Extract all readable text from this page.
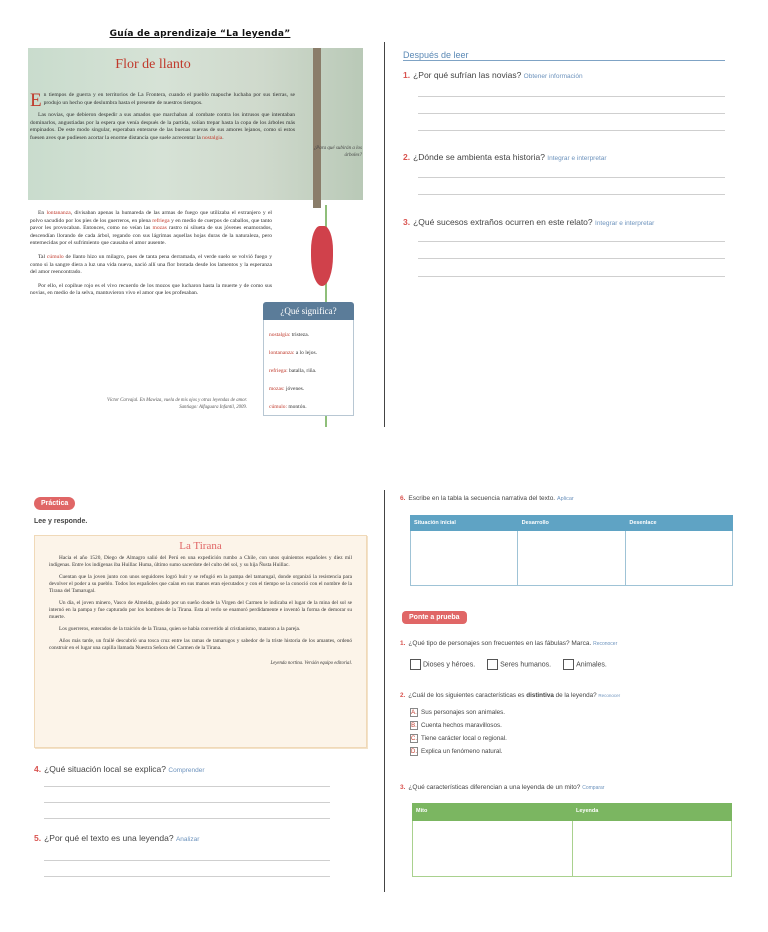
Guía de aprendizaje “La leyenda”
Flor de llanto

En tiempos de guerra y en territorios de La Frontera, cuando el pueblo mapuche luchaba por sus tierras, se produjo un hecho que deslumbra hasta el presente de nuestros tiempos.

Las novias, que debieron despedir a sus amados que marchaban al combate contra los intrusos que intentaban dominarlos, angustiadas por la espera que venía después de la partida, solían trepar hasta la copa de los árboles más empinados. De este modo singular, esperaban enterarse de las buenas nuevas de sus amores lejanos, como si estos fuesen aves que pudiesen acortar la enorme distancia que suele acrecentar la nostalgia.

¿Para qué subirán a los árboles?

En lontananza, divisaban apenas la humareda de las armas de fuego que utilizaba el extranjero y el polvo sacudido por los pies de los guerreros, en plena refriega y en medio de cuerpos de caballos, que tanto pavor les provocaban. Entonces, como no veían las mozas rastro ni silueta de sus jóvenes enamorados, descendían llorando de cada árbol, regando con sus lágrimas aquellas hojas duras de la naturaleza, pero enternecidas por el sufrimiento que causaba el amor ausente.

Tal cúmulo de llanto hizo un milagro, pues de tanta pena derramada, el verde suelo se volvió fuego y como si la sangre diera a luz una vida nueva, nació allí una flor brotada desde los lamentos y la esperanza del amor reencontrado.

Por ello, el copihue rojo es el vivo recuerdo de los mozos que lucharon hasta la muerte y de como sus novias, en medio de la selva, mantuvieron vivo el amor que les profesaban.

Víctor Carvajal. En Mawiza, vuela de mis ojos y otras leyendas de amor.
Santiago: Alfaguara Infantil, 2009.
¿Qué significa?
nostalgia: tristeza.
lontananza: a lo lejos.
refriega: batalla, riña.
mozas: jóvenes.
cúmulo: montón.
Después de leer
1. ¿Por qué sufrían las novias? Obtener información
2. ¿Dónde se ambienta esta historia? Integrar e interpretar
3. ¿Qué sucesos extraños ocurren en este relato? Integrar e interpretar
Práctica
Lee y responde.
La Tirana

Hacia el año 1520, Diego de Almagro salió del Perú en una expedición rumbo a Chile, con unos quinientos españoles y diez mil indígenas. Entre los indígenas iba Huillac Huma, último sumo sacerdote del culto del sol, y su hija Ñusta Huillac.

Cuentan que la joven junto con unos seguidores logró huir y se refugió en la pampa del tamarugal, donde organizó la resistencia para devolver el poder a su pueblo. Todos los españoles que caían en sus manos eran ejecutados y con el tiempo se la conoció con el nombre de la Tirana del Tamarugal.

Un día, el joven minero, Vasco de Almeida, guiado por un sueño donde la Virgen del Carmen le indicaba el lugar de la mina del sol se internó en la pampa y fue capturado por los hombres de la Tirana. Esta al verlo se enamoró perdidamente e inventó la forma de demorar su muerte.

Los guerreros, enterados de la traición de la Tirana, quien se había convertido al cristianismo, mataron a la pareja.

Años más tarde, un frailé descubrió una tosca cruz entre las ramas de tamarugos y sabedor de la triste historia de los amantes, ordenó construir en el lugar una capilla llamada Nuestra Señora del Carmen de la Tirana.

Leyenda nortina. Versión equipo editorial.

4. ¿Qué situación local se explica? Comprender
5. ¿Por qué el texto es una leyenda? Analizar
6. Escribe en la tabla la secuencia narrativa del texto. Aplicar
Situación inicial	Desarrollo	Desenlace
Ponte a prueba
1. ¿Qué tipo de personajes son frecuentes en las fábulas? Marca. Reconocer
Dioses y héroes.	Seres humanos.	Animales.
2. ¿Cuál de los siguientes características es distintiva de la leyenda? Reconocer
A. Sus personajes son animales.
B. Cuenta hechos maravillosos.
C. Tiene carácter local o regional.
D. Explica un fenómeno natural.
3. ¿Qué características diferencian a una leyenda de un mito? Comparar
Mito	Leyenda
